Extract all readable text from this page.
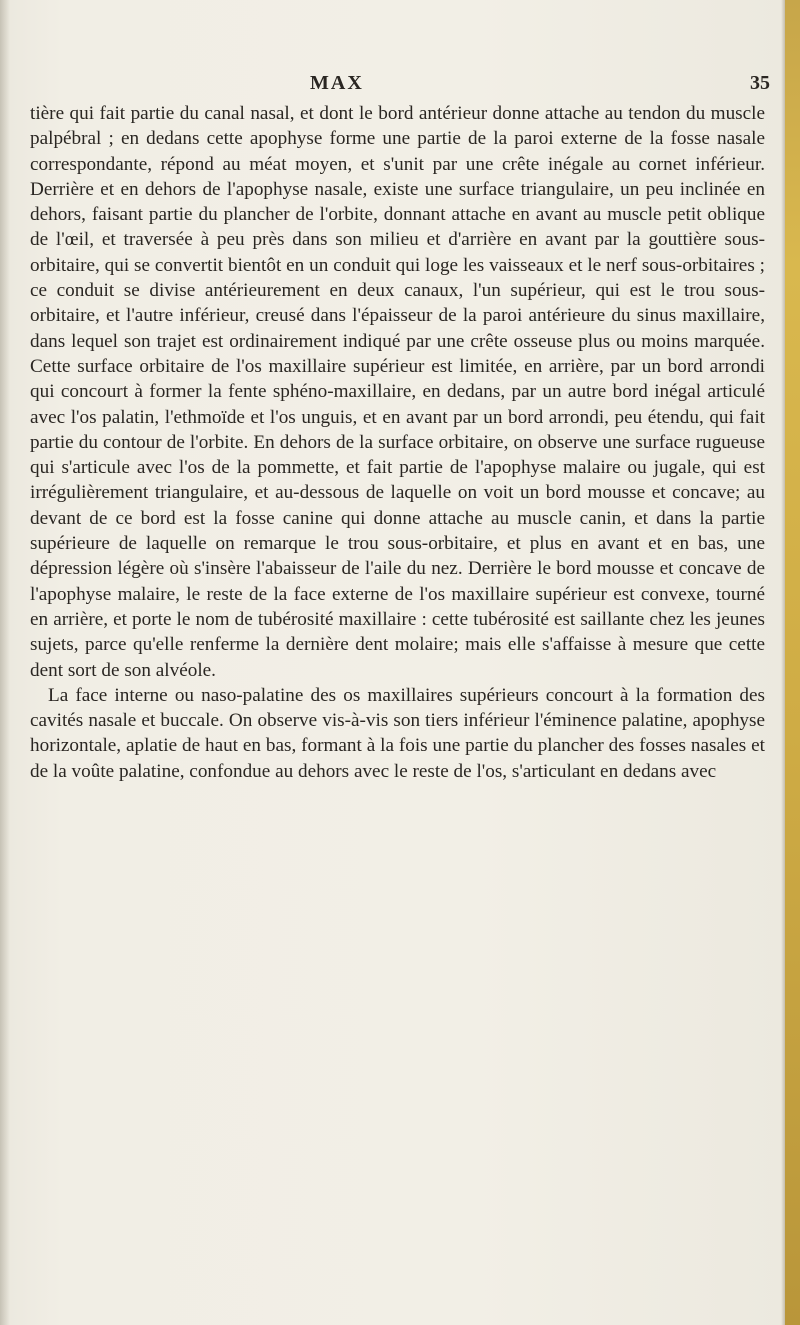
MAX	35

tière qui fait partie du canal nasal, et dont le bord antérieur donne attache au tendon du muscle palpébral ; en dedans cette apophyse forme une partie de la paroi externe de la fosse nasale correspondante, répond au méat moyen, et s'unit par une crête inégale au cornet inférieur. Derrière et en dehors de l'apophyse nasale, existe une surface triangulaire, un peu inclinée en dehors, faisant partie du plancher de l'orbite, donnant attache en avant au muscle petit oblique de l'œil, et traversée à peu près dans son milieu et d'arrière en avant par la gouttière sous-orbitaire, qui se convertit bientôt en un conduit qui loge les vaisseaux et le nerf sous-orbitaires ; ce conduit se divise antérieurement en deux canaux, l'un supérieur, qui est le trou sous-orbitaire, et l'autre inférieur, creusé dans l'épaisseur de la paroi antérieure du sinus maxillaire, dans lequel son trajet est ordinairement indiqué par une crête osseuse plus ou moins marquée. Cette surface orbitaire de l'os maxillaire supérieur est limitée, en arrière, par un bord arrondi qui concourt à former la fente sphéno-maxillaire, en dedans, par un autre bord inégal articulé avec l'os palatin, l'ethmoïde et l'os unguis, et en avant par un bord arrondi, peu étendu, qui fait partie du contour de l'orbite. En dehors de la surface orbitaire, on observe une surface rugueuse qui s'articule avec l'os de la pommette, et fait partie de l'apophyse malaire ou jugale, qui est irrégulièrement triangulaire, et au-dessous de laquelle on voit un bord mousse et concave; au devant de ce bord est la fosse canine qui donne attache au muscle canin, et dans la partie supérieure de laquelle on remarque le trou sous-orbitaire, et plus en avant et en bas, une dépression légère où s'insère l'abaisseur de l'aile du nez. Derrière le bord mousse et concave de l'apophyse malaire, le reste de la face externe de l'os maxillaire supérieur est convexe, tourné en arrière, et porte le nom de tubérosité maxillaire : cette tubérosité est saillante chez les jeunes sujets, parce qu'elle renferme la dernière dent molaire; mais elle s'affaisse à mesure que cette dent sort de son alvéole.

La face interne ou naso-palatine des os maxillaires supérieurs concourt à la formation des cavités nasale et buccale. On observe vis-à-vis son tiers inférieur l'éminence palatine, apophyse horizontale, aplatie de haut en bas, formant à la fois une partie du plancher des fosses nasales et de la voûte palatine, confondue au dehors avec le reste de l'os, s'articulant en dedans avec
